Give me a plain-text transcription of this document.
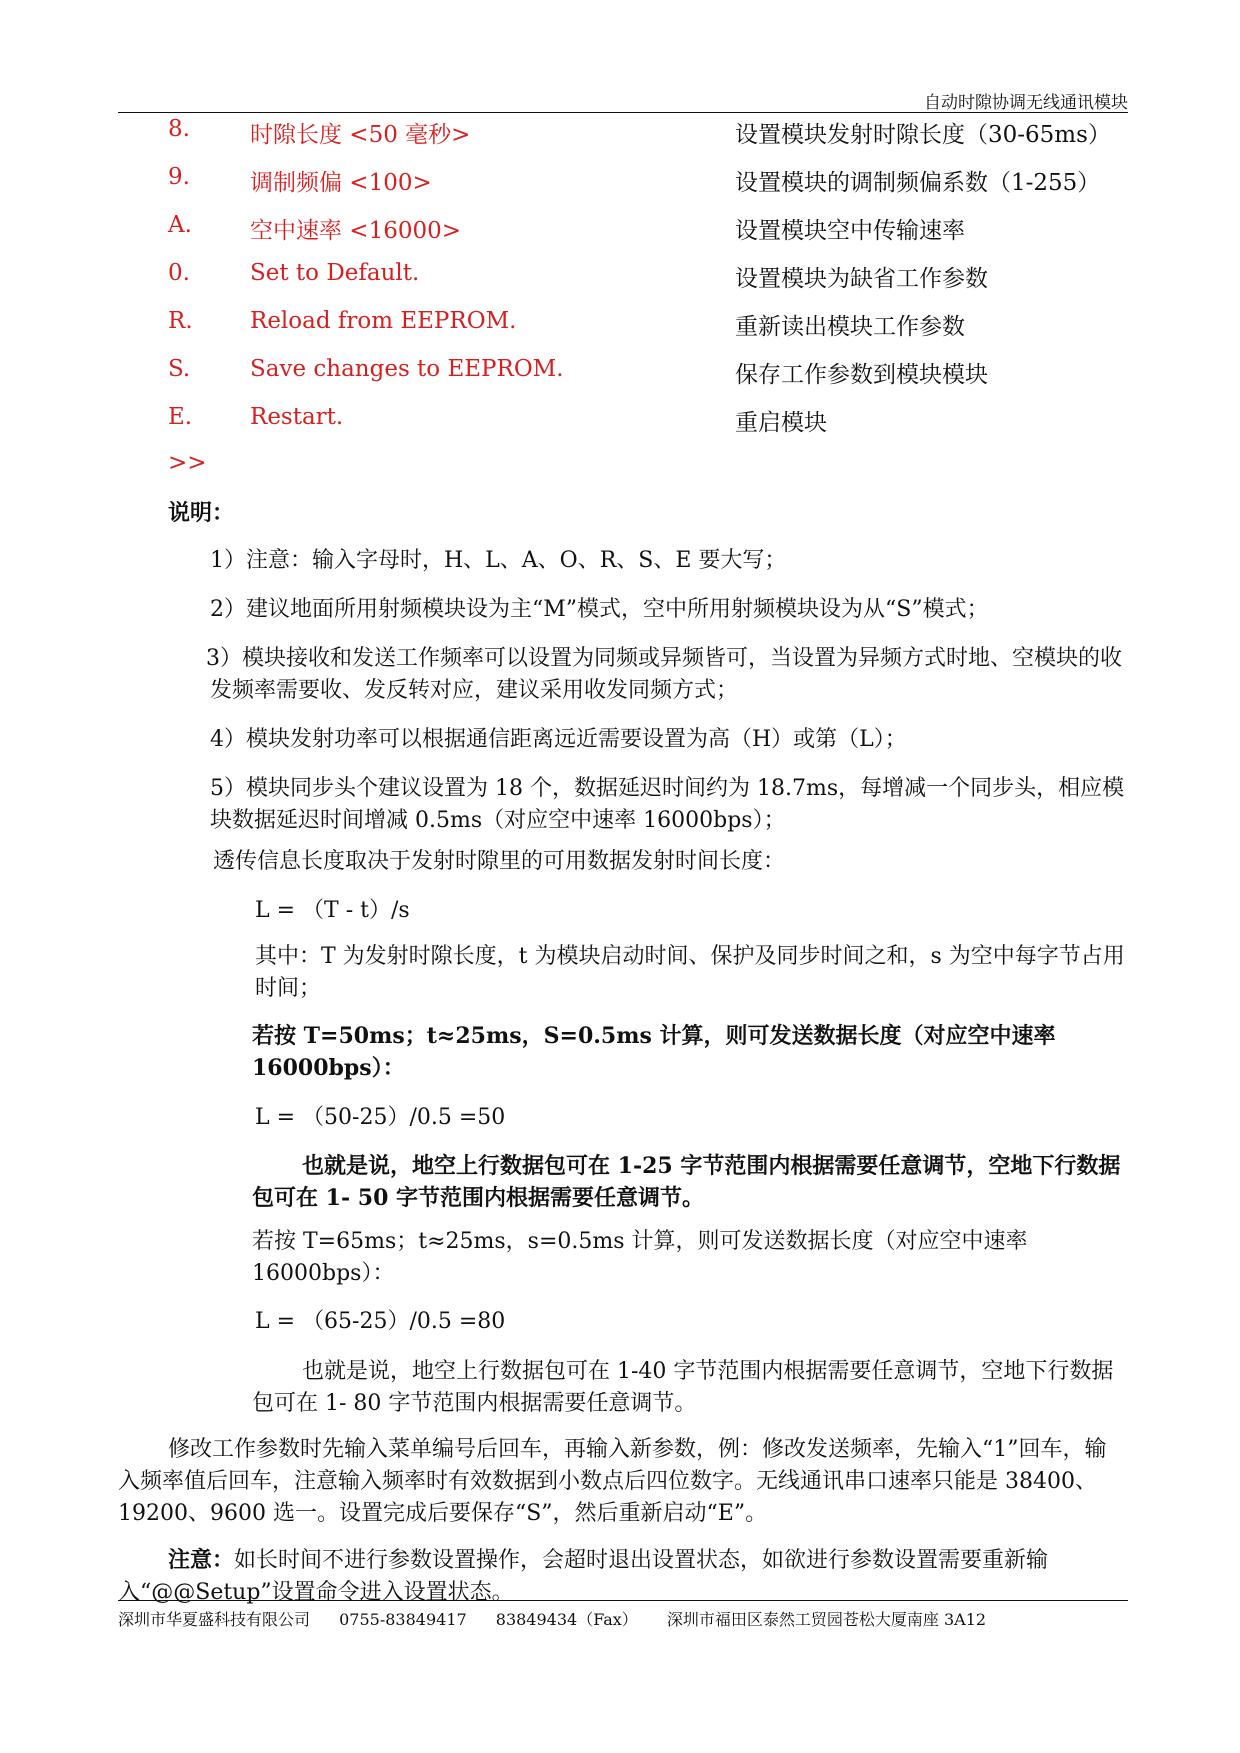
自动时隙协调无线通讯模块
8.	时隙长度 <50 毫秒>	设置模块发射时隙长度（30-65ms）
9.	调制频偏 <100>	设置模块的调制频偏系数（1-255）
A.	空中速率 <16000>	设置模块空中传输速率
0.	Set to Default.	设置模块为缺省工作参数
R. Reload from EEPROM.	重新读出模块工作参数
S.	Save changes to EEPROM.	保存工作参数到模块模块
E.	Restart.	重启模块
>>

说明：

1）注意：输入字母时，H、L、A、O、R、S、E 要大写；

2）建议地面所用射频模块设为主“M”模式，空中所用射频模块设为从“S”模式；

3）模块接收和发送工作频率可以设置为同频或异频皆可，当设置为异频方式时地、空模块的收发频率需要收、发反转对应，建议采用收发同频方式；

4）模块发射功率可以根据通信距离远近需要设置为高（H）或第（L）；

5）模块同步头个建议设置为 18 个，数据延迟时间约为 18.7ms，每增减一个同步头，相应模块数据延迟时间增减 0.5ms（对应空中速率 16000bps）；

透传信息长度取决于发射时隙里的可用数据发射时间长度：

L = （T - t）/s

其中：T 为发射时隙长度，t 为模块启动时间、保护及同步时间之和，s 为空中每字节占用时间；

若按 T=50ms；t≈25ms，S=0.5ms 计算，则可发送数据长度（对应空中速率 16000bps）：

L = （50-25）/0.5 =50

也就是说，地空上行数据包可在 1-25 字节范围内根据需要任意调节，空地下行数据包可在 1- 50 字节范围内根据需要任意调节。

若按 T=65ms；t≈25ms，s=0.5ms 计算，则可发送数据长度（对应空中速率 16000bps）：

L = （65-25）/0.5 =80

也就是说，地空上行数据包可在 1-40 字节范围内根据需要任意调节，空地下行数据包可在 1- 80 字节范围内根据需要任意调节。

修改工作参数时先输入菜单编号后回车，再输入新参数，例：修改发送频率，先输入“1”回车，输入频率值后回车，注意输入频率时有效数据到小数点后四位数字。无线通讯串口速率只能是 38400、19200、9600 选一。设置完成后要保存“S”，然后重新启动“E”。

注意：如长时间不进行参数设置操作，会超时退出设置状态，如欲进行参数设置需要重新输入“@@Setup”设置命令进入设置状态。

深圳市华夏盛科技有限公司 0755-83849417 83849434（Fax） 深圳市福田区泰然工贸园苍松大厦南座 3A12
